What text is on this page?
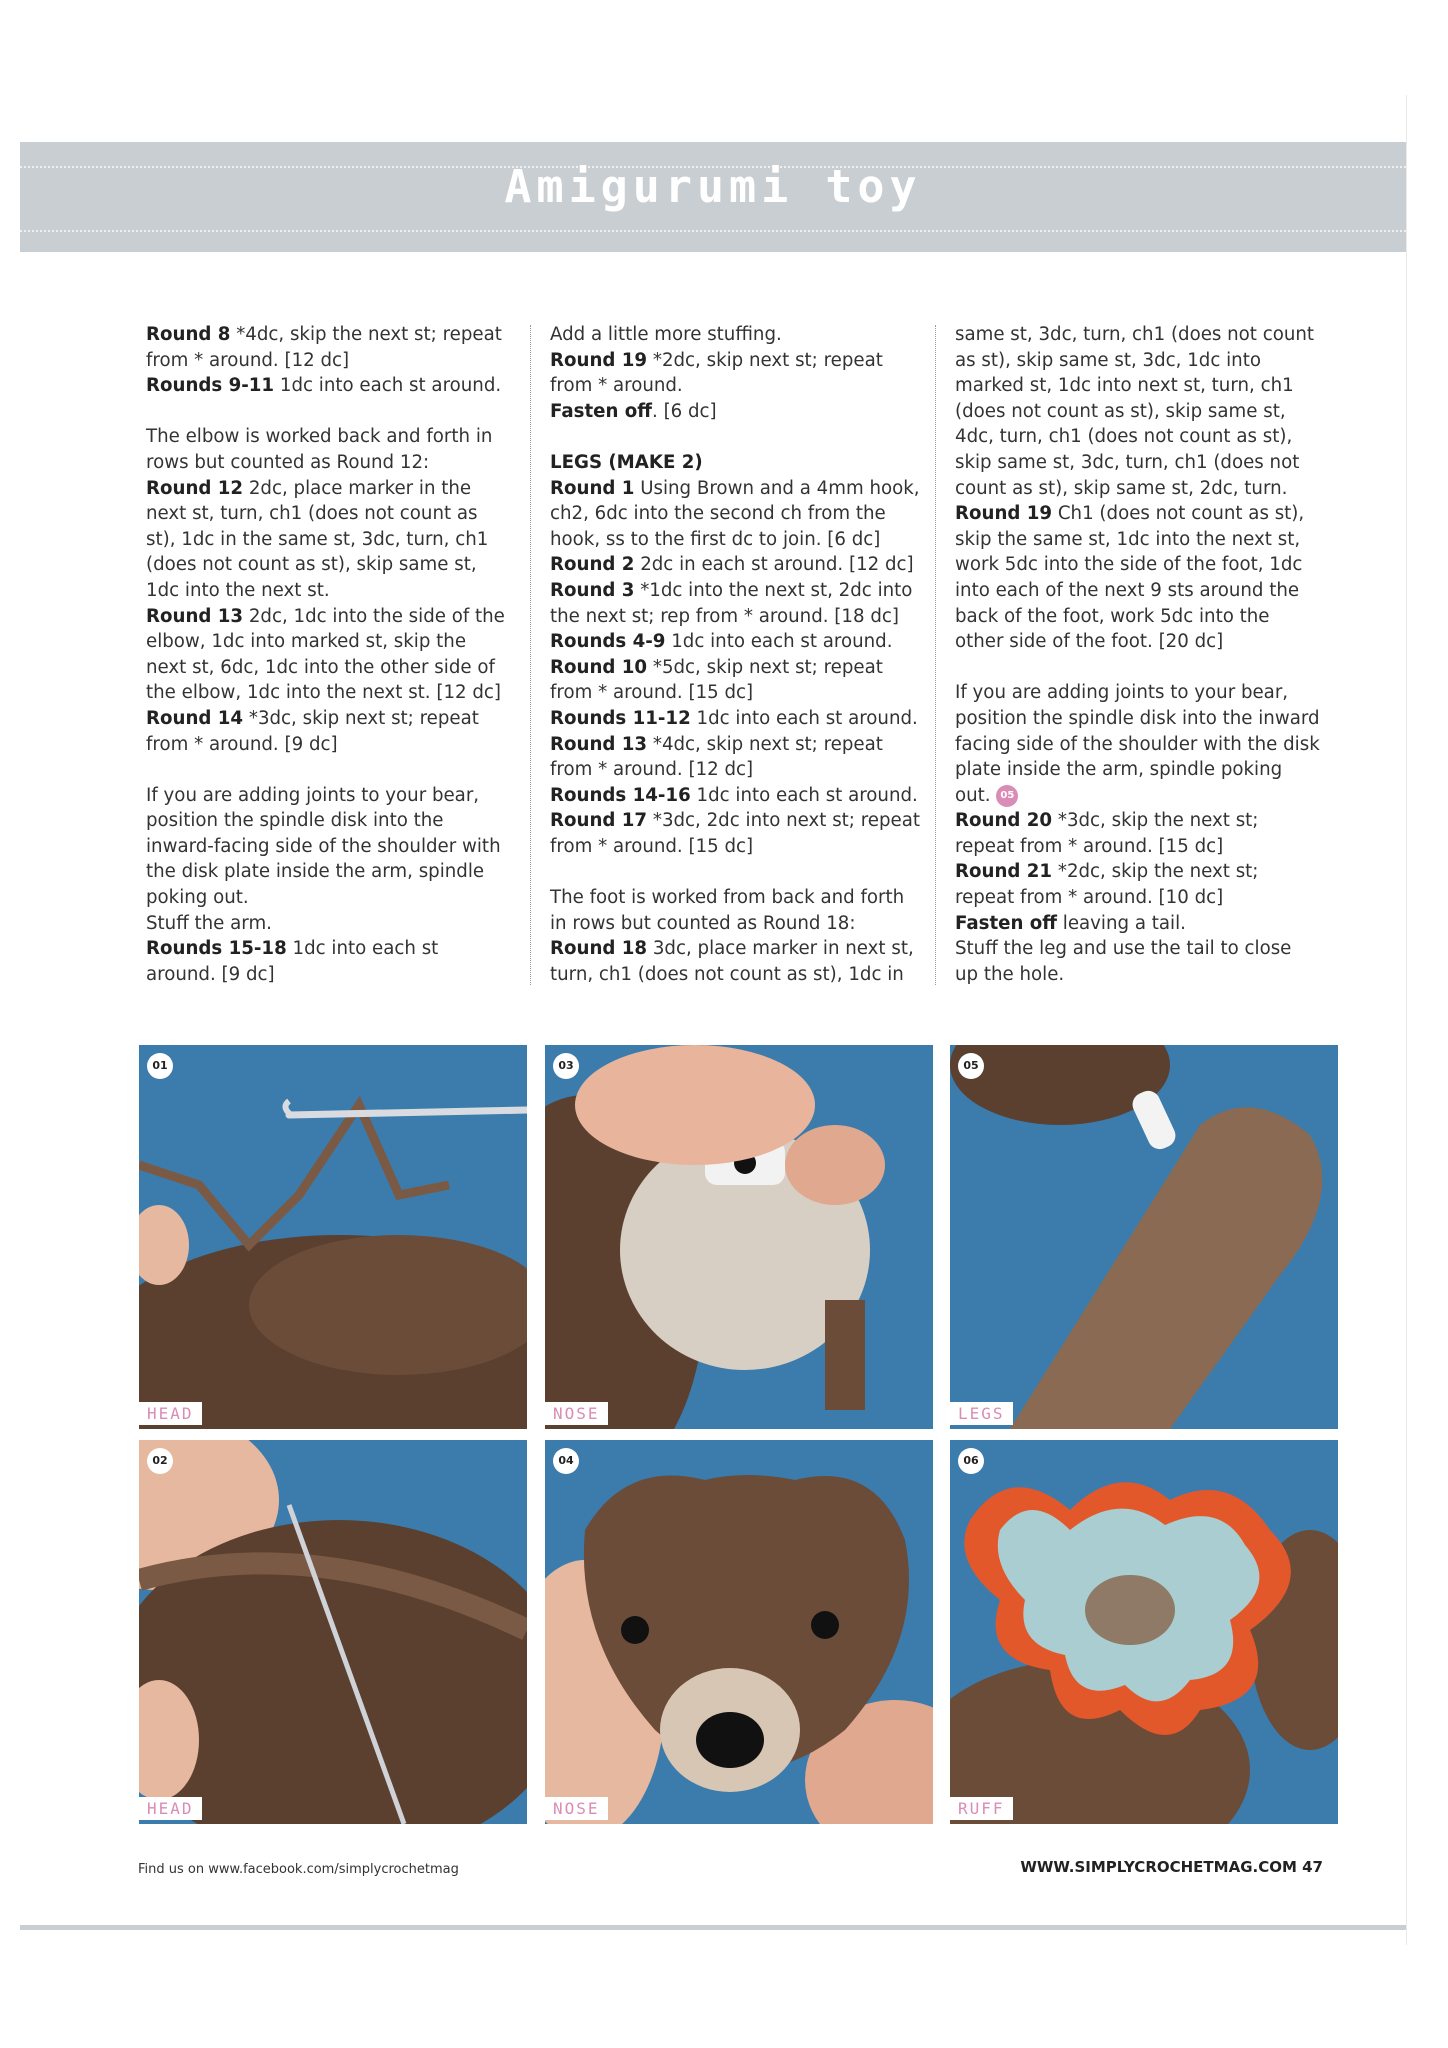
Amigurumi toy

Round 8 *4dc, skip the next st; repeat from * around. [12 dc]

Rounds 9-11 1dc into each st around.

The elbow is worked back and forth in rows but counted as Round 12:

Round 12 2dc, place marker in the next st, turn, ch1 (does not count as st), 1dc in the same st, 3dc, turn, ch1 (does not count as st), skip same st, 1dc into the next st.

Round 13 2dc, 1dc into the side of the elbow, 1dc into marked st, skip the next st, 6dc, 1dc into the other side of the elbow, 1dc into the next st. [12 dc]

Round 14 *3dc, skip next st; repeat from * around. [9 dc]

If you are adding joints to your bear, position the spindle disk into the inward-facing side of the shoulder with the disk plate inside the arm, spindle poking out.

Stuff the arm.

Rounds 15-18 1dc into each st around. [9 dc]

Add a little more stuffing.

Round 19 *2dc, skip next st; repeat from * around.

Fasten off. [6 dc]

LEGS (MAKE 2)

Round 1 Using Brown and a 4mm hook, ch2, 6dc into the second ch from the hook, ss to the first dc to join. [6 dc]

Round 2 2dc in each st around. [12 dc]

Round 3 *1dc into the next st, 2dc into the next st; rep from * around. [18 dc]

Rounds 4-9 1dc into each st around.

Round 10 *5dc, skip next st; repeat from * around. [15 dc]

Rounds 11-12 1dc into each st around.

Round 13 *4dc, skip next st; repeat from * around. [12 dc]

Rounds 14-16 1dc into each st around.

Round 17 *3dc, 2dc into next st; repeat from * around. [15 dc]

The foot is worked from back and forth in rows but counted as Round 18:

Round 18 3dc, place marker in next st, turn, ch1 (does not count as st), 1dc in

same st, 3dc, turn, ch1 (does not count as st), skip same st, 3dc, 1dc into marked st, 1dc into next st, turn, ch1 (does not count as st), skip same st, 4dc, turn, ch1 (does not count as st), skip same st, 3dc, turn, ch1 (does not count as st), skip same st, 2dc, turn.

Round 19 Ch1 (does not count as st), skip the same st, 1dc into the next st, work 5dc into the side of the foot, 1dc into each of the next 9 sts around the back of the foot, work 5dc into the other side of the foot. [20 dc]

If you are adding joints to your bear, position the spindle disk into the inward facing side of the shoulder with the disk plate inside the arm, spindle poking out. 05

Round 20 *3dc, skip the next st; repeat from * around. [15 dc]

Round 21 *2dc, skip the next st; repeat from * around. [10 dc]

Fasten off leaving a tail.

Stuff the leg and use the tail to close up the hole.

01
HEAD
03
NOSE
05
LEGS
02
HEAD
04
NOSE
06
RUFF
Find us on www.facebook.com/simplycrochetmag	WWW.SIMPLYCROCHETMAG.COM 47
